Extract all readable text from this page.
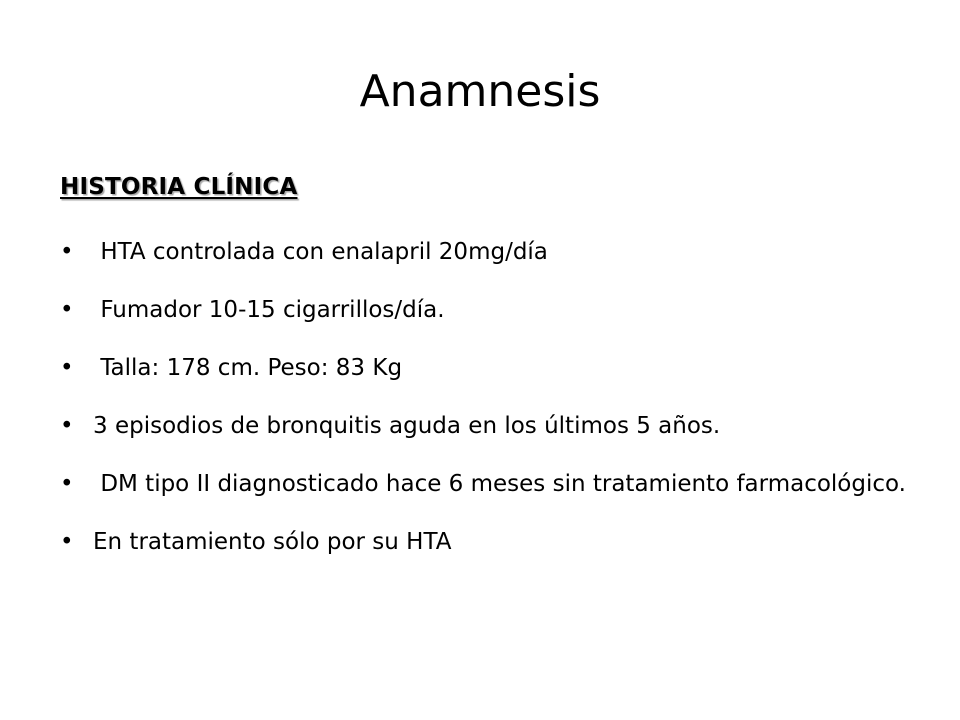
Anamnesis
HISTORIA CLÍNICA
• HTA controlada con enalapril 20mg/día
• Fumador 10-15 cigarrillos/día.
• Talla: 178 cm. Peso: 83 Kg
• 3 episodios de bronquitis aguda en los últimos 5 años.
• DM tipo II diagnosticado hace 6 meses sin tratamiento farmacológico.
• En tratamiento sólo por su HTA
